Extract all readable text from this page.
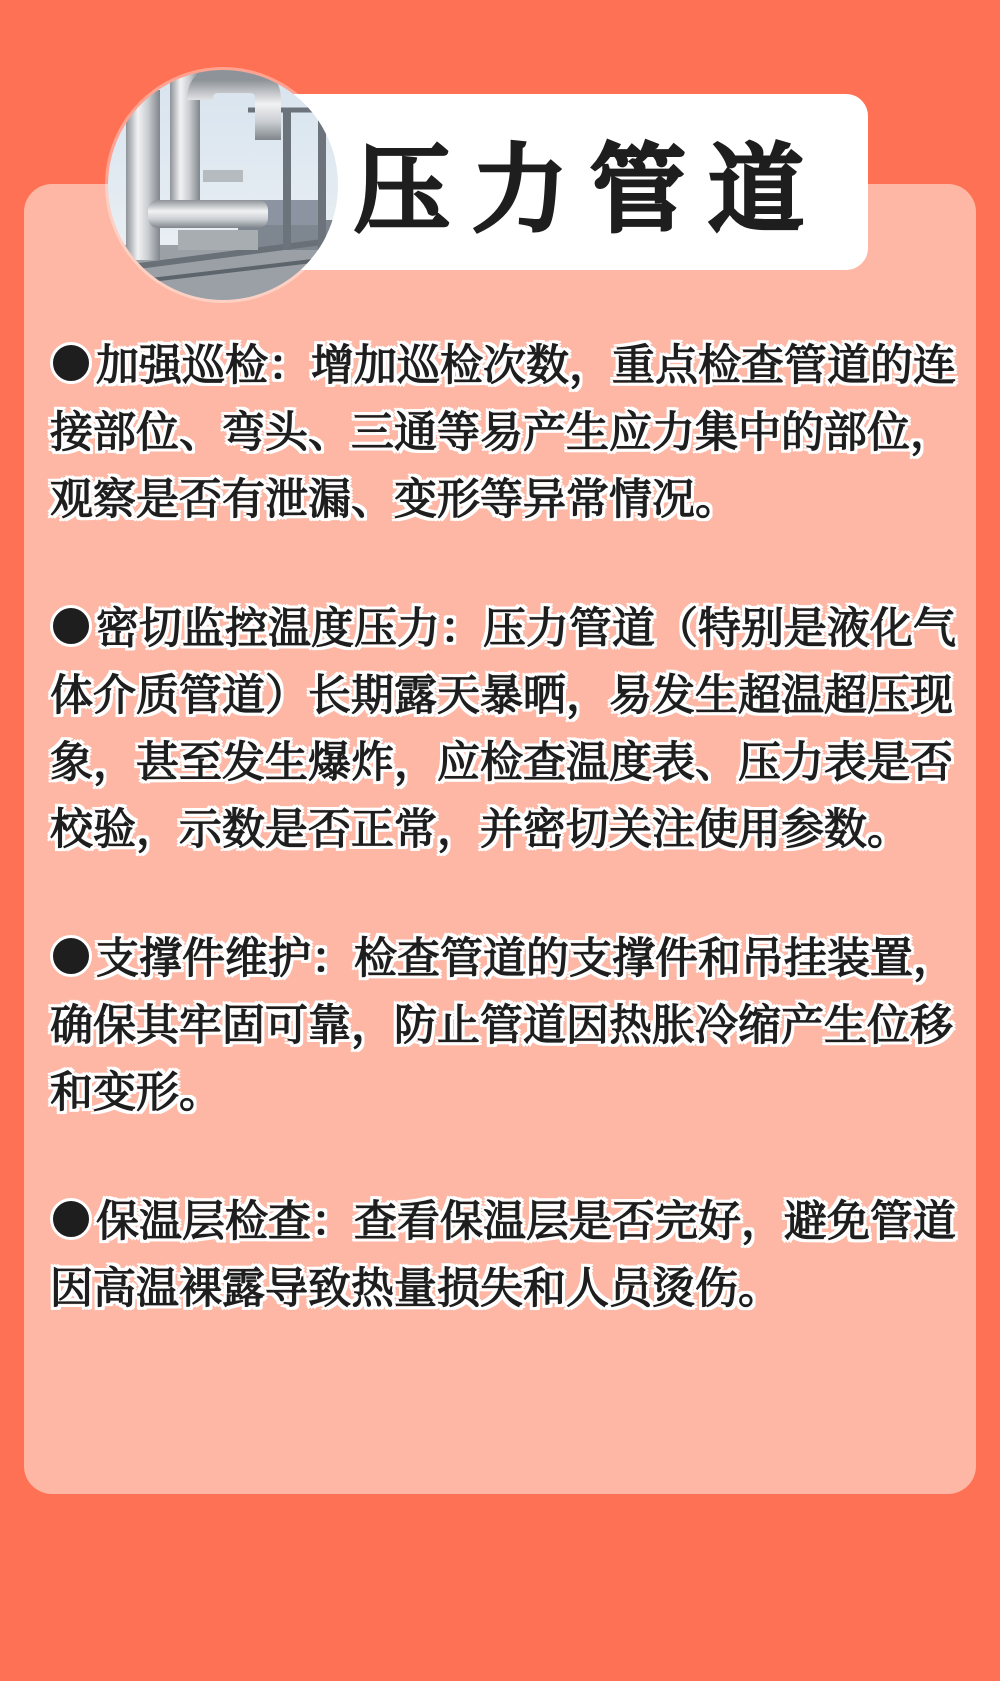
压力管道

加强巡检：增加巡检次数，重点检查管道的连接部位、弯头、三通等易产生应力集中的部位，观察是否有泄漏、变形等异常情况。

密切监控温度压力：压力管道（特别是液化气体介质管道）长期露天暴晒，易发生超温超压现象，甚至发生爆炸，应检查温度表、压力表是否校验，示数是否正常，并密切关注使用参数。

支撑件维护：检查管道的支撑件和吊挂装置，确保其牢固可靠，防止管道因热胀冷缩产生位移和变形。

保温层检查：查看保温层是否完好，避免管道因高温裸露导致热量损失和人员烫伤。
